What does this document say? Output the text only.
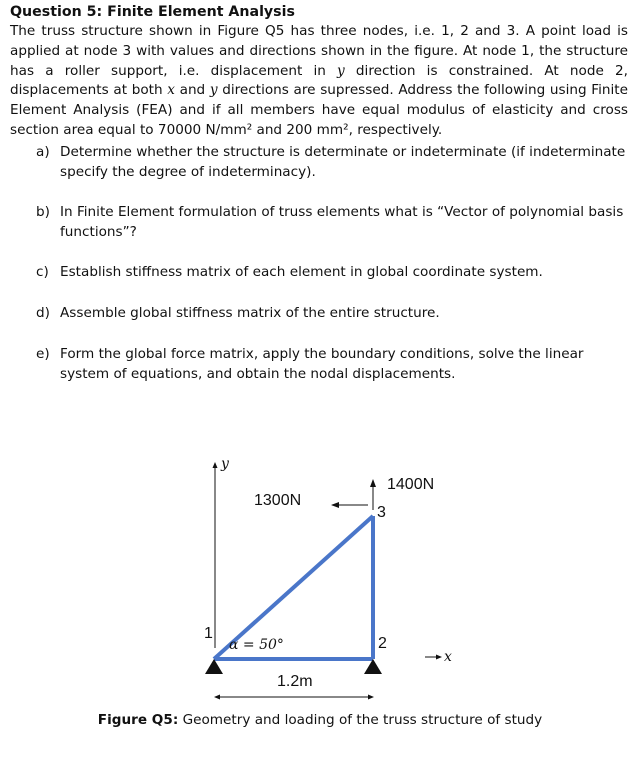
Question 5: Finite Element Analysis
The truss structure shown in Figure Q5 has three nodes, i.e. 1, 2 and 3. A point load is applied at node 3 with values and directions shown in the figure. At node 1, the structure has a roller support, i.e. displacement in y direction is constrained. At node 2, displacements at both x and y directions are supressed. Address the following using Finite Element Analysis (FEA) and if all members have equal modulus of elasticity and cross section area equal to 70000 N/mm² and 200 mm², respectively.
a) Determine whether the structure is determinate or indeterminate (if indeterminate specify the degree of indeterminacy).
b) In Finite Element formulation of truss elements what is “Vector of polynomial basis functions”?
c) Establish stiffness matrix of each element in global coordinate system.
d) Assemble global stiffness matrix of the entire structure.
e) Form the global force matrix, apply the boundary conditions, solve the linear system of equations, and obtain the nodal displacements.
y
x
1400N
1300N
3
2
1
α = 50°
1.2m
Figure Q5: Geometry and loading of the truss structure of study
